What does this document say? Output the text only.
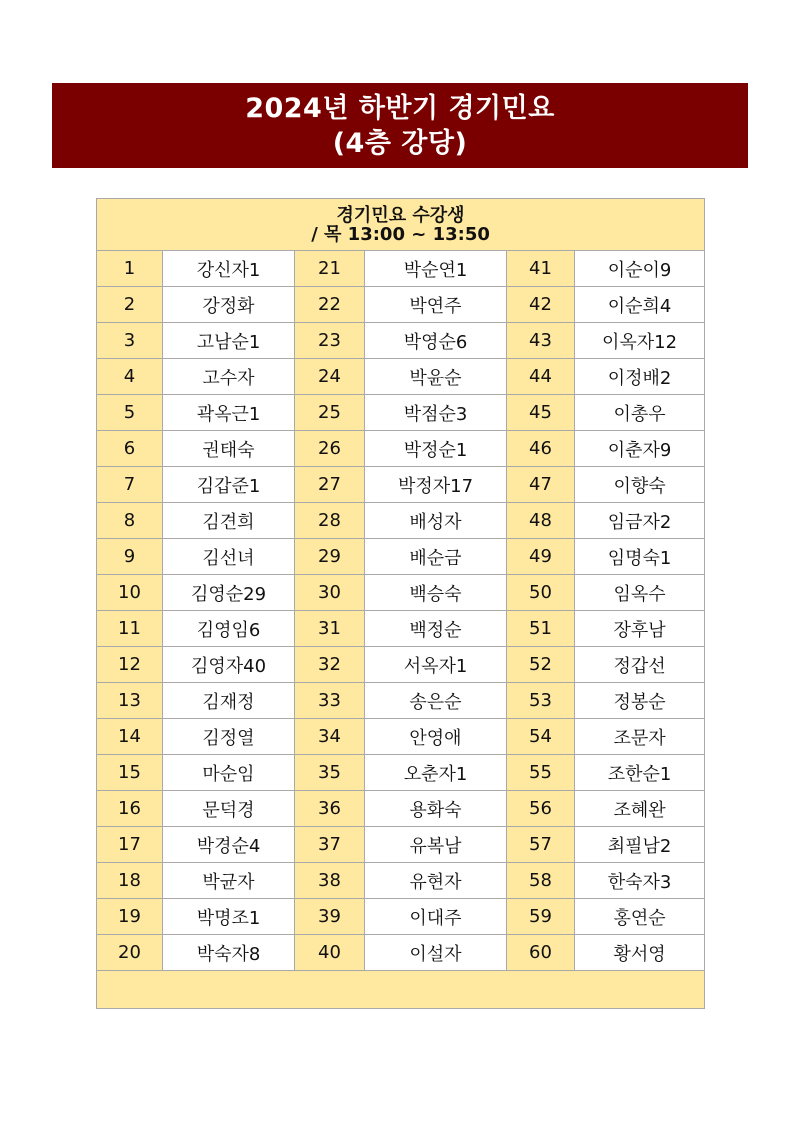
2024년 하반기 경기민요
(4층 강당)
경기민요 수강생
/ 목 13:00 ~ 13:50					

1	강신자1	21	박순연1	41	이순이9
2	강정화	22	박연주	42	이순희4
3	고남순1	23	박영순6	43	이옥자12
4	고수자	24	박윤순	44	이정배2
5	곽옥근1	25	박점순3	45	이총우
6	권태숙	26	박정순1	46	이춘자9
7	김갑준1	27	박정자17	47	이향숙
8	김견희	28	배성자	48	임금자2
9	김선녀	29	배순금	49	임명숙1
10	김영순29	30	백승숙	50	임옥수
11	김영임6	31	백정순	51	장후남
12	김영자40	32	서옥자1	52	정갑선
13	김재정	33	송은순	53	정봉순
14	김정열	34	안영애	54	조문자
15	마순임	35	오춘자1	55	조한순1
16	문덕경	36	용화숙	56	조혜완
17	박경순4	37	유복남	57	최필남2
18	박균자	38	유현자	58	한숙자3
19	박명조1	39	이대주	59	홍연순
20	박숙자8	40	이설자	60	황서영
